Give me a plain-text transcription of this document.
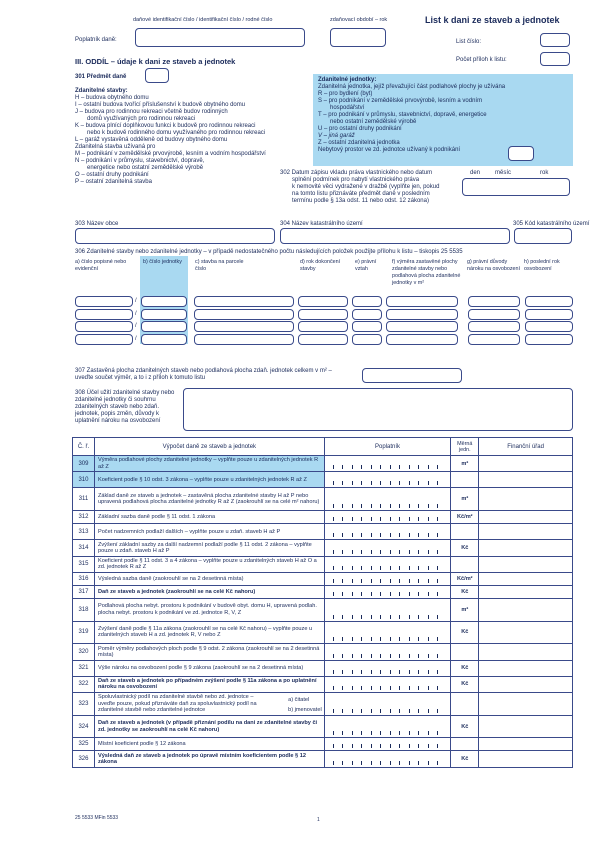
daňové identifikační číslo / identifikační číslo / rodné číslo	zdaňovací období – rok	List k dani ze staveb a jednotek
Poplatník daně:	List číslo:
Počet příloh k listu:
III. ODDÍL – údaje k dani ze staveb a jednotek
301 Předmět daně
Zdanitelné stavby:
H – budova obytného domu
I – ostatní budova tvořící příslušenství k budově obytného domu
J – budova pro rodinnou rekreaci včetně budov rodinných
domů využívaných pro rodinnou rekreaci
K – budova plnící doplňkovou funkci k budově pro rodinnou rekreaci
nebo k budově rodinného domu využívaného pro rodinnou rekreaci
L – garáž vystavěná odděleně od budovy obytného domu
Zdanitelná stavba užívaná pro
M – podnikání v zemědělské prvovýrobě, lesním a vodním hospodářství
N – podnikání v průmyslu, stavebnictví, dopravě,
energetice nebo ostatní zemědělské výrobě
O – ostatní druhy podnikání
P – ostatní zdanitelná stavba
Zdanitelné jednotky:
Zdanitelná jednotka, jejíž převažující část podlahové plochy je užívána
R – pro bydlení (byt)
S – pro podnikání v zemědělské prvovýrobě, lesním a vodním
hospodářství
T – pro podnikání v průmyslu, stavebnictví, dopravě, energetice
nebo ostatní zemědělské výrobě
U – pro ostatní druhy podnikání
V – jiná garáž
Z – ostatní zdanitelná jednotka
Nebytový prostor ve zd. jednotce užívaný k podnikání
302 Datum zápisu vkladu práva vlastnického nebo datum
splnění podmínek pro nabytí vlastnického práva
k nemovité věci vydražené v dražbě (vyplňte jen, pokud
na tomto listu přiznáváte předmět daně v posledním
termínu podle § 13a odst. 11 nebo odst. 12 zákona)
den měsíc	rok
303 Název obce	304 Název katastrálního území	305 Kód katastrálního území
306 Zdanitelné stavby nebo zdanitelné jednotky – v případě nedostatečného počtu následujících položek použijte přílohu k listu – tiskopis 25 5535
a) číslo popisné nebo evidenční
b) číslo jednotky	c) stavba na parcele číslo
d) rok dokončení stavby
e) právní vztah
f) výměra zastavěné plochy zdanitelné stavby nebo podlahová plocha zdanitelné jednotky v m²
g) právní důvody nároku na osvobození
h) poslední rok osvobození
/
/
/
/
307 Zastavěná plocha zdanitelných staveb nebo podlahová plocha zdaň. jednotek celkem v m² – uveďte součet výměr, a to i z příloh k tomuto listu
308 Účel užití zdanitelné stavby nebo zdanitelné jednotky či souhrnu zdanitelných staveb nebo zdaň. jednotek, popis změn, důvody k uplatnění nároku na osvobození
Č. ř.	Výpočet daně ze staveb a jednotek	Poplatník	Měrná jedn.	Finanční úřad
309	Výměra podlahové plochy zdanitelné jednotky – vyplňte pouze u zdanitelných jednotek R až Z		m²	
310	Koeficient podle § 10 odst. 3 zákona – vyplňte pouze u zdanitelných jednotek R až Z			

311	Základ daně ze staveb a jednotek – zastavěná plocha zdanitelné stavby H až P nebo upravená podlahová plocha zdanitelné jednotky R až Z (zaokrouhlí se na celé m² nahoru)		m²	
312	Základní sazba daně podle § 11 odst. 1 zákona		Kč/m²	
313	Počet nadzemních podlaží dalších – vyplňte pouze u zdaň. staveb H až P			

314	Zvýšení základní sazby za další nadzemní podlaží podle § 11 odst. 2 zákona – vyplňte pouze u zdaň. staveb H až P		Kč	
315	Koeficient podle § 11 odst. 3 a 4 zákona – vyplňte pouze u zdanitelných staveb H až O a zd. jednotek R až Z			

316	Výsledná sazba daně (zaokrouhlí se na 2 desetinná místa)		Kč/m²	
317	Daň ze staveb a jednotek (zaokrouhlí se na celé Kč nahoru)		Kč	
318	Podlahová plocha nebyt. prostoru k podnikání v budově obyt. domu H, upravená podlah. plocha nebyt. prostoru k podnikání ve zd. jednotce R, V, Z		m²	
319	Zvýšení daně podle § 11a zákona (zaokrouhlí se na celé Kč nahoru) – vyplňte pouze u zdanitelných staveb H a zd. jednotek R, V nebo Z		Kč	
320	Poměr výměry podlahových ploch podle § 9 odst. 2 zákona (zaokrouhlí se na 2 desetinná místa)			

321	Výše nároku na osvobození podle § 9 zákona (zaokrouhlí se na 2 desetinná místa)		Kč	
322	Daň ze staveb a jednotek po případném zvýšení podle § 11a zákona a po uplatnění nároku na osvobození		Kč	
323	Spoluvlastnický podíl na zdanitelné stavbě nebo zd. jednotce – uveďte pouze, pokud přiznáváte daň za spoluvlastnický podíl na zdanitelné stavbě nebo zdanitelné jednotce
a) čitatel
b) jmenovatel			

324	Daň ze staveb a jednotek (v případě přiznání podílu na dani ze zdanitelné stavby či zd. jednotky se zaokrouhlí na celé Kč nahoru)		Kč	
325	Místní koeficient podle § 12 zákona			

326	Výsledná daň ze staveb a jednotek po úpravě místním koeficientem podle § 12 zákona		Kč	
25 5533 MFin 5533	1
